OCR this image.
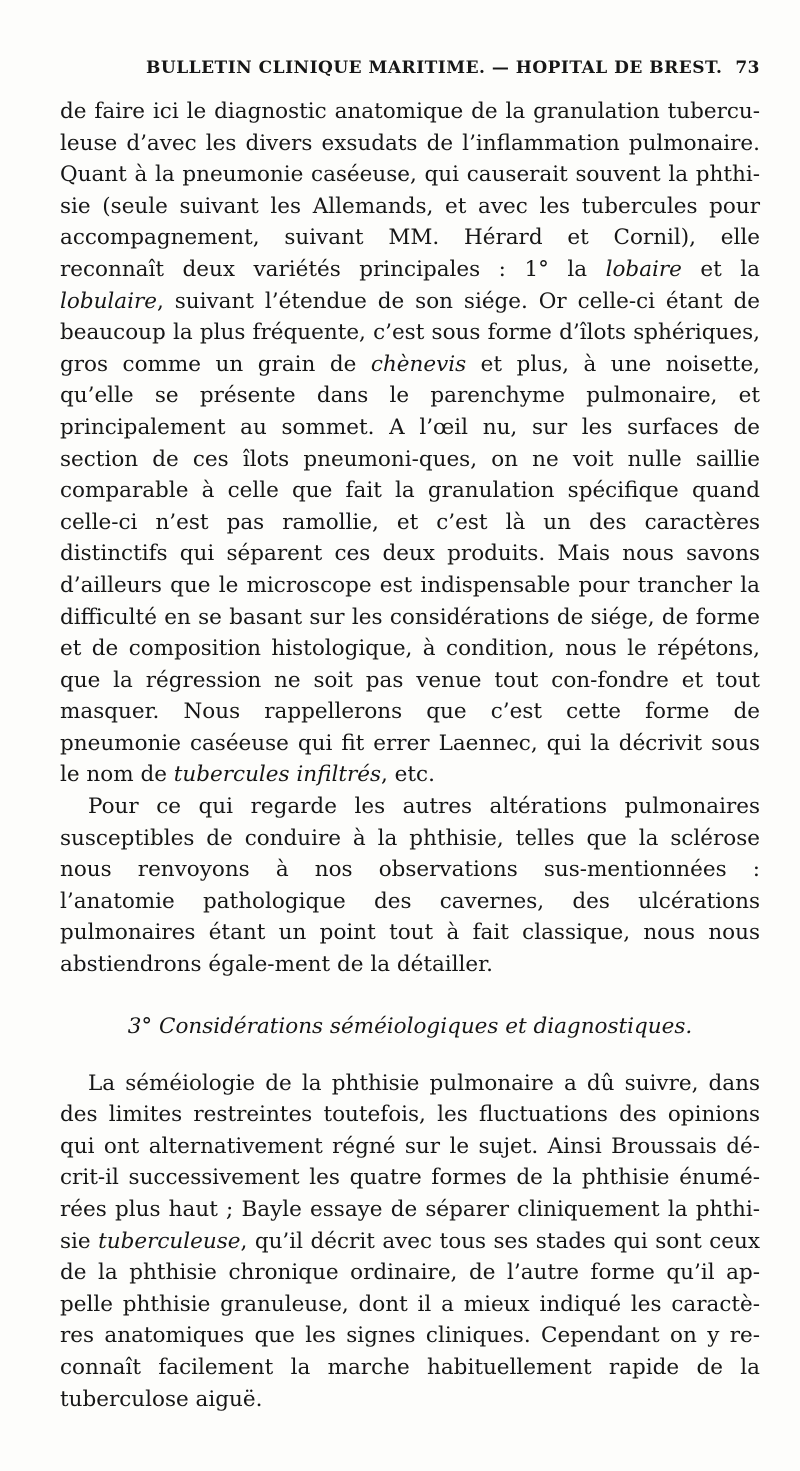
BULLETIN CLINIQUE MARITIME. — HOPITAL DE BREST. 73

de faire ici le diagnostic anatomique de la granulation tubercu-leuse d’avec les divers exsudats de l’inflammation pulmonaire. Quant à la pneumonie caséeuse, qui causerait souvent la phthi-sie (seule suivant les Allemands, et avec les tubercules pour accompagnement, suivant MM. Hérard et Cornil), elle reconnaît deux variétés principales : 1° la lobaire et la lobulaire, suivant l’étendue de son siége. Or celle-ci étant de beaucoup la plus fréquente, c’est sous forme d’îlots sphériques, gros comme un grain de chènevis et plus, à une noisette, qu’elle se présente dans le parenchyme pulmonaire, et principalement au sommet. A l’œil nu, sur les surfaces de section de ces îlots pneumoni-ques, on ne voit nulle saillie comparable à celle que fait la granulation spécifique quand celle-ci n’est pas ramollie, et c’est là un des caractères distinctifs qui séparent ces deux produits. Mais nous savons d’ailleurs que le microscope est indispensable pour trancher la difficulté en se basant sur les considérations de siége, de forme et de composition histologique, à condition, nous le répétons, que la régression ne soit pas venue tout con-fondre et tout masquer. Nous rappellerons que c’est cette forme de pneumonie caséeuse qui fit errer Laennec, qui la décrivit sous le nom de tubercules infiltrés, etc.

Pour ce qui regarde les autres altérations pulmonaires susceptibles de conduire à la phthisie, telles que la sclérose nous renvoyons à nos observations sus-mentionnées : l’anatomie pathologique des cavernes, des ulcérations pulmonaires étant un point tout à fait classique, nous nous abstiendrons égale-ment de la détailler.

3° Considérations séméiologiques et diagnostiques.

La séméiologie de la phthisie pulmonaire a dû suivre, dans des limites restreintes toutefois, les fluctuations des opinions qui ont alternativement régné sur le sujet. Ainsi Broussais dé-crit-il successivement les quatre formes de la phthisie énumé-rées plus haut ; Bayle essaye de séparer cliniquement la phthi-sie tuberculeuse, qu’il décrit avec tous ses stades qui sont ceux de la phthisie chronique ordinaire, de l’autre forme qu’il ap-pelle phthisie granuleuse, dont il a mieux indiqué les caractè-res anatomiques que les signes cliniques. Cependant on y re-connaît facilement la marche habituellement rapide de la tuberculose aiguë.
